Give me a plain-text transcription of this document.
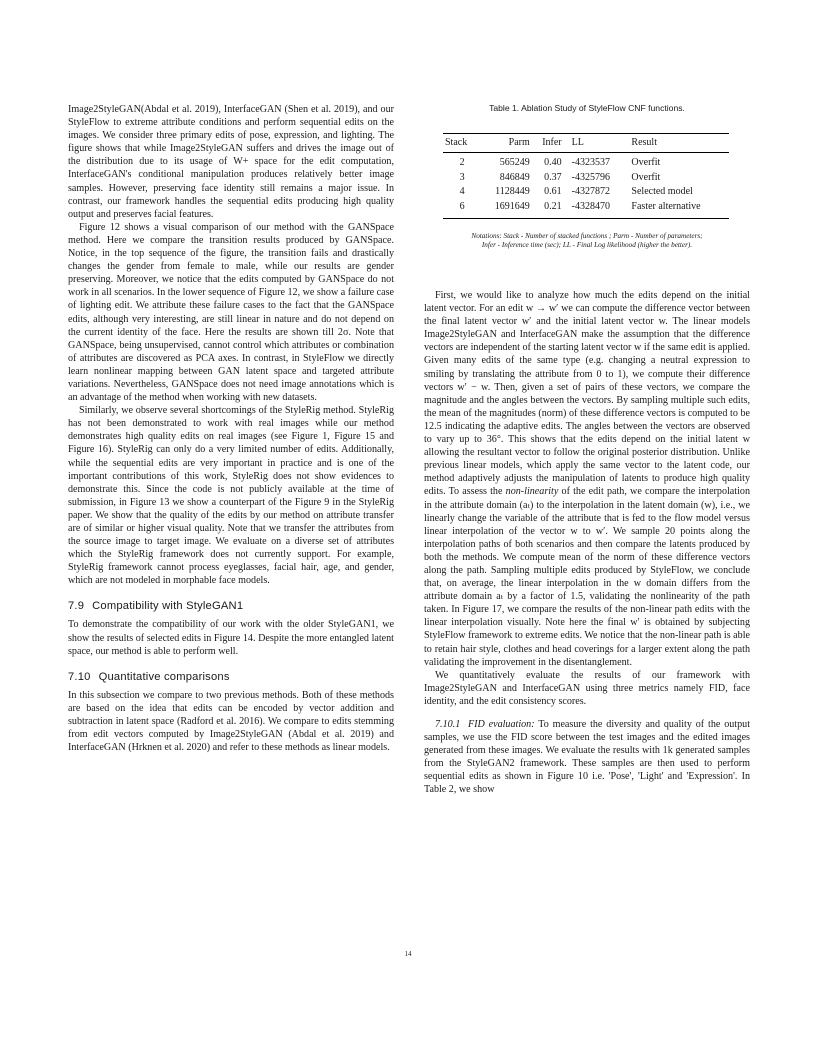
Image2StyleGAN(Abdal et al. 2019), InterfaceGAN (Shen et al. 2019), and our StyleFlow to extreme attribute conditions and perform sequential edits on the images. We consider three primary edits of pose, expression, and lighting. The figure shows that while Image2StyleGAN suffers and drives the image out of the distribution due to its usage of W+ space for the edit computation, InterfaceGAN's conditional manipulation produces relatively better image samples. However, preserving face identity still remains a major issue. In contrast, our framework handles the sequential edits producing high quality output and preserves facial features.

Figure 12 shows a visual comparison of our method with the GANSpace method. Here we compare the transition results produced by GANSpace. Notice, in the top sequence of the figure, the transition fails and drastically changes the gender from female to male, while our results are gender preserving. Moreover, we notice that the edits computed by GANSpace do not work in all scenarios. In the lower sequence of Figure 12, we show a failure case of lighting edit. We attribute these failure cases to the fact that the GANSpace edits, although very interesting, are still linear in nature and do not depend on the current identity of the face. Here the results are shown till 2σ. Note that GANSpace, being unsupervised, cannot control which attributes or combination of attributes are discovered as PCA axes. In contrast, in StyleFlow we directly learn nonlinear mapping between GAN latent space and targeted attribute variations. Nevertheless, GANSpace does not need image annotations which is an advantage of the method when working with new datasets.

Similarly, we observe several shortcomings of the StyleRig method. StyleRig has not been demonstrated to work with real images while our method demonstrates high quality edits on real images (see Figure 1, Figure 15 and Figure 16). StyleRig can only do a very limited number of edits. Additionally, while the sequential edits are very important in practice and is one of the important contributions of this work, StyleRig does not show evidences to demonstrate this. Since the code is not publicly available at the time of submission, in Figure 13 we show a counterpart of the Figure 9 in the StyleRig paper. We show that the quality of the edits by our method on attribute transfer are of similar or higher visual quality. Note that we transfer the attributes from the source image to target image. We evaluate on a diverse set of attributes which the StyleRig framework does not currently support. For example, StyleRig framework cannot process eyeglasses, facial hair, age, and gender, which are not modeled in morphable face models.

7.9 Compatibility with StyleGAN1

To demonstrate the compatibility of our work with the older StyleGAN1, we show the results of selected edits in Figure 14. Despite the more entangled latent space, our method is able to perform well.

7.10 Quantitative comparisons

In this subsection we compare to two previous methods. Both of these methods are based on the idea that edits can be encoded by vector addition and subtraction in latent space (Radford et al. 2016). We compare to edits stemming from edit vectors computed by Image2StyleGAN (Abdal et al. 2019) and InterfaceGAN (Hrknen et al. 2020) and refer to these methods as linear models.

Table 1. Ablation Study of StyleFlow CNF functions.
Stack	Parm	Infer	LL	Result
2	565249	0.40	-4323537	Overfit
3	846849	0.37	-4325796	Overfit
4	1128449	0.61	-4327872	Selected model
6	1691649	0.21	-4328470	Faster alternative
Notations: Stack - Number of stacked functions ; Parm - Number of parameters;
Infer - Inference time (sec); LL - Final Log likelihood (higher the better).

First, we would like to analyze how much the edits depend on the initial latent vector. For an edit w → w′ we can compute the difference vector between the final latent vector w′ and the initial latent vector w. The linear models Image2StyleGAN and InterfaceGAN make the assumption that the difference vectors are independent of the starting latent vector w if the same edit is applied. Given many edits of the same type (e.g. changing a neutral expression to smiling by translating the attribute from 0 to 1), we compute their difference vectors w′ − w. Then, given a set of pairs of these vectors, we compare the magnitude and the angles between the vectors. By sampling multiple such edits, the mean of the magnitudes (norm) of these difference vectors is computed to be 12.5 indicating the adaptive edits. The angles between the vectors are observed to vary up to 36°. This shows that the edits depend on the initial latent w allowing the resultant vector to follow the original posterior distribution. Unlike previous linear models, which apply the same vector to the latent code, our method adaptively adjusts the manipulation of latents to produce high quality edits. To assess the non-linearity of the edit path, we compare the interpolation in the attribute domain (aₜ) to the interpolation in the latent domain (w), i.e., we linearly change the variable of the attribute that is fed to the flow model versus linear interpolation of the vector w to w′. We sample 20 points along the interpolation paths of both scenarios and then compare the latents produced by both the methods. We compute mean of the norm of these difference vectors along the path. Sampling multiple edits produced by StyleFlow, we conclude that, on average, the linear interpolation in the w domain differs from the attribute domain aₜ by a factor of 1.5, validating the nonlinearity of the path taken. In Figure 17, we compare the results of the non-linear path edits with the linear interpolation visually. Note here the final w′ is obtained by subjecting StyleFlow framework to extreme edits. We notice that the non-linear path is able to retain hair style, clothes and head coverings for a larger extent along the path validating the improvement in the disentanglement.

We quantitatively evaluate the results of our framework with Image2StyleGAN and InterfaceGAN using three metrics namely FID, face identity, and the edit consistency scores.

7.10.1 FID evaluation: To measure the diversity and quality of the output samples, we use the FID score between the test images and the edited images generated from these images. We evaluate the results with 1k generated samples from the StyleGAN2 framework. These samples are then used to perform sequential edits as shown in Figure 10 i.e. 'Pose', 'Light' and 'Expression'. In Table 2, we show

14
